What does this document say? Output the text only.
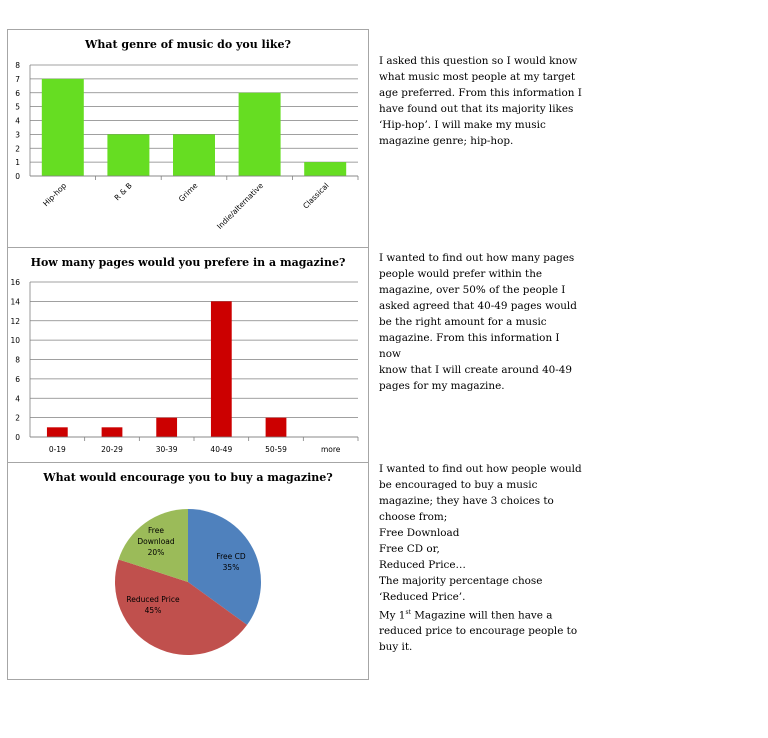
What genre of music do you like?
0
1
2
3
4
5
6
7
8
Hip-hop	R & B	Grime Indie/alternative	Classical
How many pages would you prefere in a magazine?
0
2
4
6
8
10
12
14
16
0-19	20-29	30-39	40-49	50-59	more
What would encourage you to buy a magazine?
Free CD 35%
Reduced Price 45%
Free Download 20%

I asked this question so I would know
what music most people at my target
age preferred. From this information I
have found out that its majority likes
‘Hip-hop’. I will make my music
magazine genre; hip-hop.

I wanted to find out how many pages
people would prefer within the
magazine, over 50% of the people I
asked agreed that 40-49 pages would
be the right amount for a music
magazine. From this information I now
know that I will create around 40-49
pages for my magazine.

I wanted to find out how people would
be encouraged to buy a music
magazine; they have 3 choices to
choose from;
Free Download
Free CD or,
Reduced Price…
The majority percentage chose
‘Reduced Price’.
My 1st Magazine will then have a
reduced price to encourage people to
buy it.
